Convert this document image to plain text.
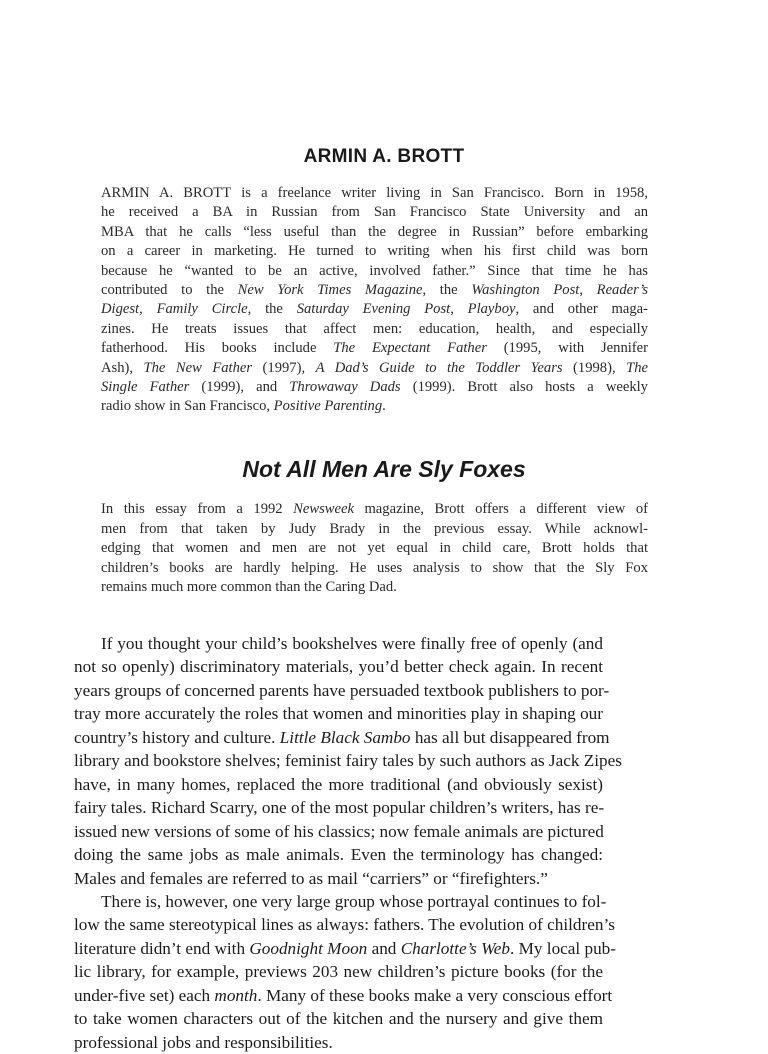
ARMIN A. BROTT
ARMIN A. BROTT is a freelance writer living in San Francisco. Born in 1958,
he received a BA in Russian from San Francisco State University and an
MBA that he calls “less useful than the degree in Russian” before embarking
on a career in marketing. He turned to writing when his first child was born
because he “wanted to be an active, involved father.” Since that time he has
contributed to the New York Times Magazine, the Washington Post, Reader’s
Digest, Family Circle, the Saturday Evening Post, Playboy, and other maga-
zines. He treats issues that affect men: education, health, and especially
fatherhood. His books include The Expectant Father (1995, with Jennifer
Ash), The New Father (1997), A Dad’s Guide to the Toddler Years (1998), The
Single Father (1999), and Throwaway Dads (1999). Brott also hosts a weekly
radio show in San Francisco, Positive Parenting.
Not All Men Are Sly Foxes
In this essay from a 1992 Newsweek magazine, Brott offers a different view of
men from that taken by Judy Brady in the previous essay. While acknowl-
edging that women and men are not yet equal in child care, Brott holds that
children’s books are hardly helping. He uses analysis to show that the Sly Fox
remains much more common than the Caring Dad.
If you thought your child’s bookshelves were finally free of openly (and
not so openly) discriminatory materials, you’d better check again. In recent
years groups of concerned parents have persuaded textbook publishers to por-
tray more accurately the roles that women and minorities play in shaping our
country’s history and culture. Little Black Sambo has all but disappeared from
library and bookstore shelves; feminist fairy tales by such authors as Jack Zipes
have, in many homes, replaced the more traditional (and obviously sexist)
fairy tales. Richard Scarry, one of the most popular children’s writers, has re-
issued new versions of some of his classics; now female animals are pictured
doing the same jobs as male animals. Even the terminology has changed:
Males and females are referred to as mail “carriers” or “firefighters.”
There is, however, one very large group whose portrayal continues to fol-
low the same stereotypical lines as always: fathers. The evolution of children’s
literature didn’t end with Goodnight Moon and Charlotte’s Web. My local pub-
lic library, for example, previews 203 new children’s picture books (for the
under-five set) each month. Many of these books make a very conscious effort
to take women characters out of the kitchen and the nursery and give them
professional jobs and responsibilities.
